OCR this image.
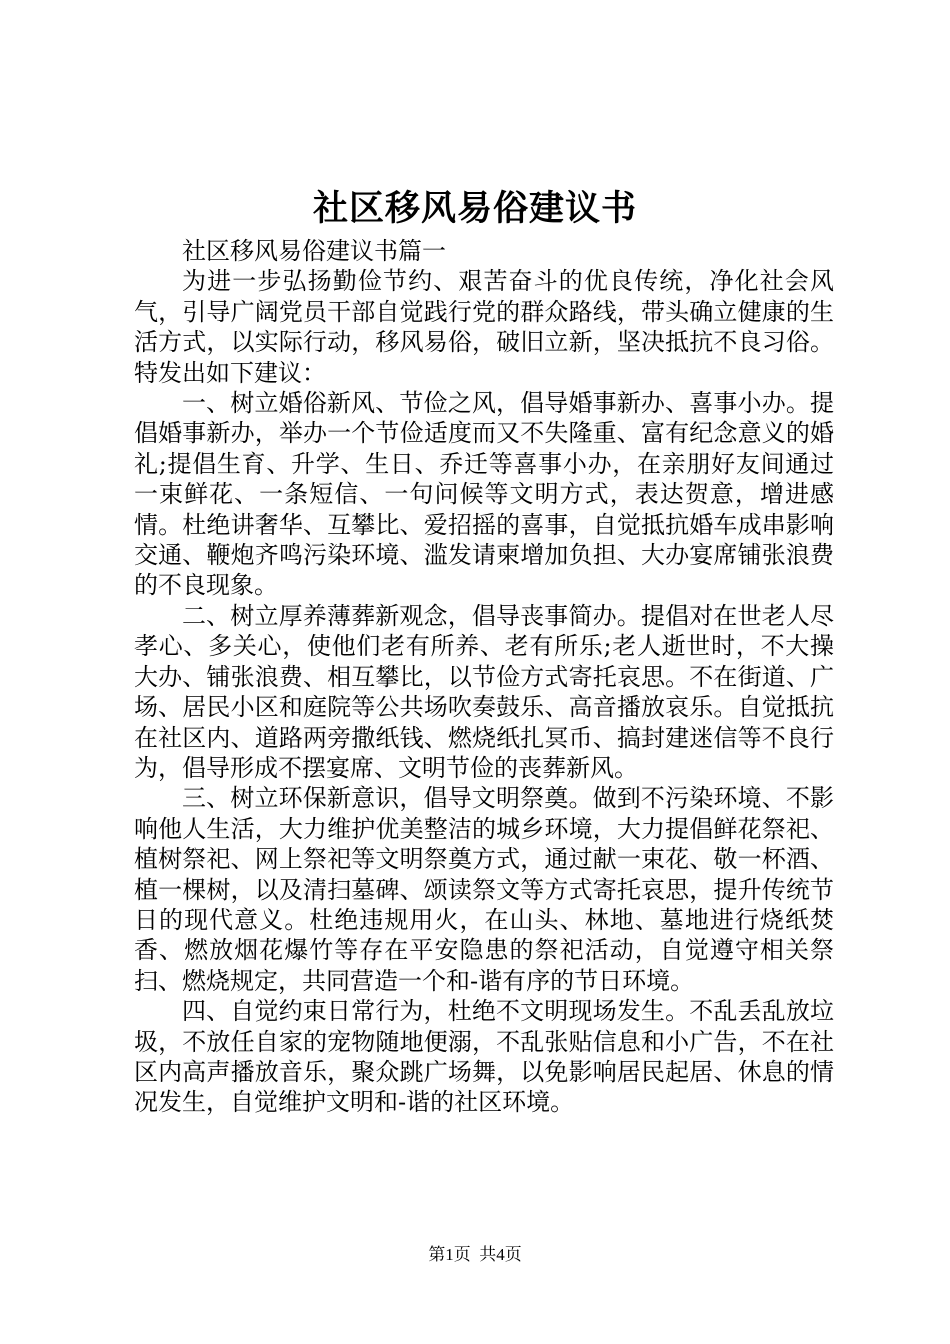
社区移风易俗建议书

社区移风易俗建议书篇一

为进一步弘扬勤俭节约、艰苦奋斗的优良传统，净化社会风气，引导广阔党员干部自觉践行党的群众路线，带头确立健康的生活方式，以实际行动，移风易俗，破旧立新，坚决抵抗不良习俗。特发出如下建议：

一、树立婚俗新风、节俭之风，倡导婚事新办、喜事小办。提倡婚事新办，举办一个节俭适度而又不失隆重、富有纪念意义的婚礼;提倡生育、升学、生日、乔迁等喜事小办，在亲朋好友间通过一束鲜花、一条短信、一句问候等文明方式，表达贺意，增进感情。杜绝讲奢华、互攀比、爱招摇的喜事，自觉抵抗婚车成串影响交通、鞭炮齐鸣污染环境、滥发请柬增加负担、大办宴席铺张浪费的不良现象。

二、树立厚养薄葬新观念，倡导丧事简办。提倡对在世老人尽孝心、多关心，使他们老有所养、老有所乐;老人逝世时，不大操大办、铺张浪费、相互攀比，以节俭方式寄托哀思。不在街道、广场、居民小区和庭院等公共场吹奏鼓乐、高音播放哀乐。自觉抵抗在社区内、道路两旁撒纸钱、燃烧纸扎冥币、搞封建迷信等不良行为，倡导形成不摆宴席、文明节俭的丧葬新风。

三、树立环保新意识，倡导文明祭奠。做到不污染环境、不影响他人生活，大力维护优美整洁的城乡环境，大力提倡鲜花祭祀、植树祭祀、网上祭祀等文明祭奠方式，通过献一束花、敬一杯酒、植一棵树，以及清扫墓碑、颂读祭文等方式寄托哀思，提升传统节日的现代意义。杜绝违规用火，在山头、林地、墓地进行烧纸焚香、燃放烟花爆竹等存在平安隐患的祭祀活动，自觉遵守相关祭扫、燃烧规定，共同营造一个和-谐有序的节日环境。

四、自觉约束日常行为，杜绝不文明现场发生。不乱丢乱放垃圾，不放任自家的宠物随地便溺，不乱张贴信息和小广告，不在社区内高声播放音乐，聚众跳广场舞，以免影响居民起居、休息的情况发生，自觉维护文明和-谐的社区环境。

第1页  共4页
